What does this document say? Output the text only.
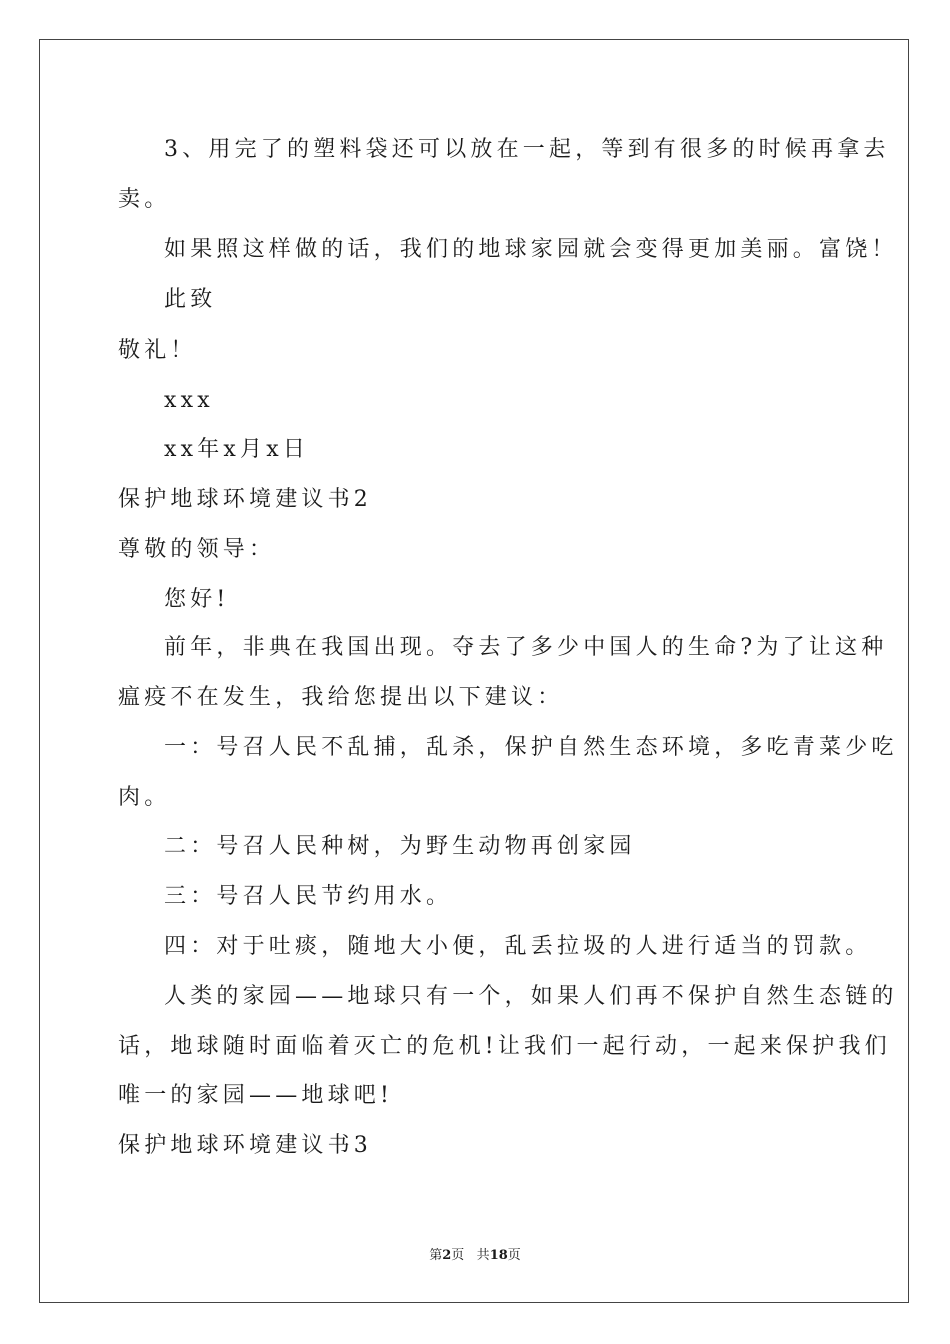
3、用完了的塑料袋还可以放在一起，等到有很多的时候再拿去
卖。
如果照这样做的话，我们的地球家园就会变得更加美丽。富饶！
此致
敬礼！
xxx
xx年x月x日
保护地球环境建议书2
尊敬的领导：
您好!
前年，非典在我国出现。夺去了多少中国人的生命?为了让这种
瘟疫不在发生，我给您提出以下建议：
一：号召人民不乱捕，乱杀，保护自然生态环境，多吃青菜少吃
肉。
二：号召人民种树，为野生动物再创家园
三：号召人民节约用水。
四：对于吐痰，随地大小便，乱丢拉圾的人进行适当的罚款。
人类的家园——地球只有一个，如果人们再不保护自然生态链的
话，地球随时面临着灭亡的危机!让我们一起行动，一起来保护我们
唯一的家园——地球吧!
保护地球环境建议书3
第2页 共18页
